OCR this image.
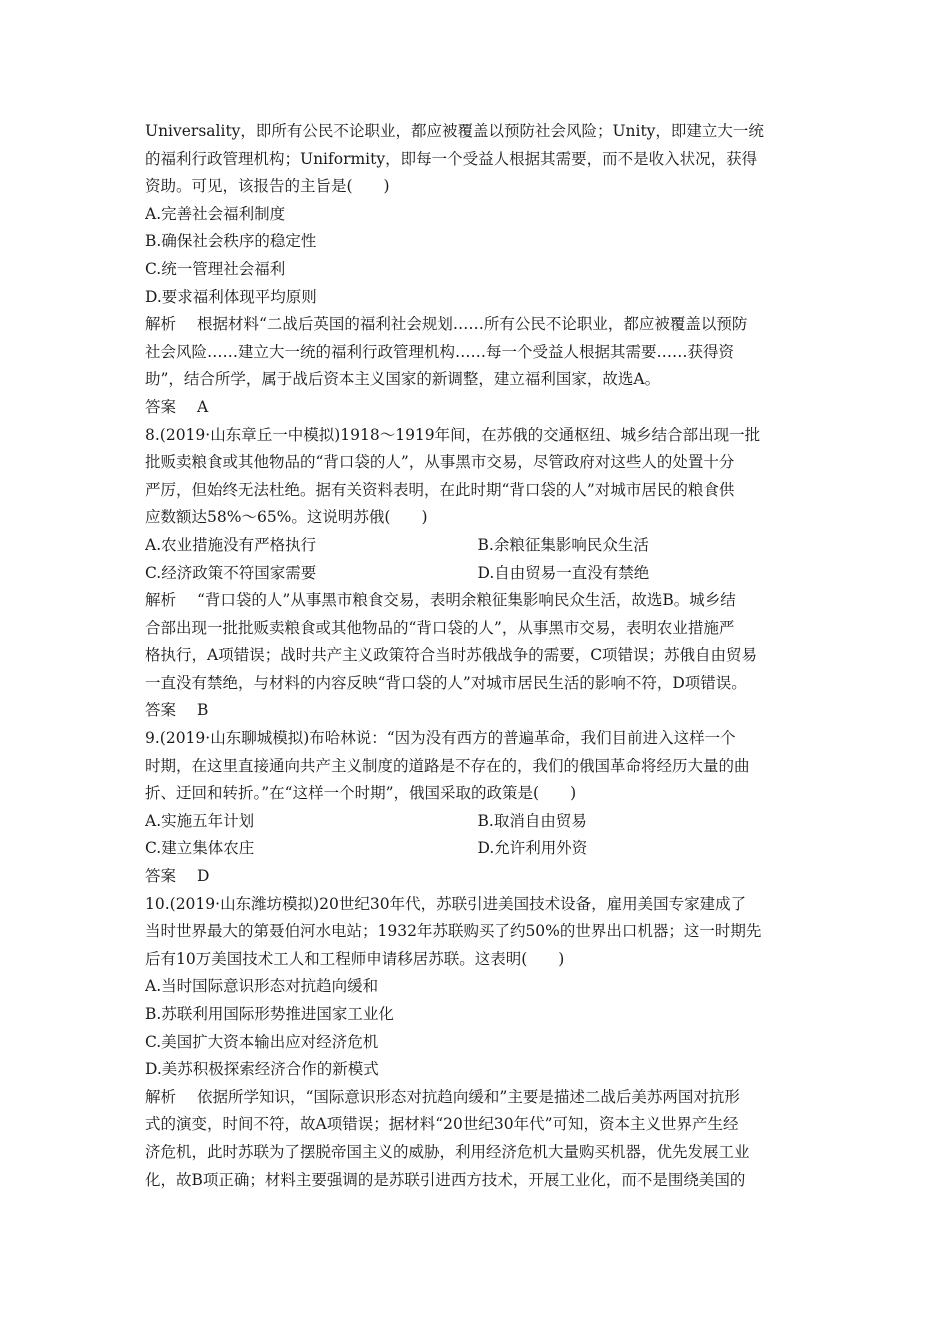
Universality，即所有公民不论职业，都应被覆盖以预防社会风险；Unity，即建立大一统
的福利行政管理机构；Uniformity，即每一个受益人根据其需要，而不是收入状况，获得
资助。可见，该报告的主旨是(　　)
A.完善社会福利制度
B.确保社会秩序的稳定性
C.统一管理社会福利
D.要求福利体现平均原则
解析 根据材料“二战后英国的福利社会规划……所有公民不论职业，都应被覆盖以预防
社会风险……建立大一统的福利行政管理机构……每一个受益人根据其需要……获得资
助”，结合所学，属于战后资本主义国家的新调整，建立福利国家，故选A。
答案 A
8.(2019·山东章丘一中模拟)1918～1919年间，在苏俄的交通枢纽、城乡结合部出现一批
批贩卖粮食或其他物品的“背口袋的人”，从事黑市交易，尽管政府对这些人的处置十分
严厉，但始终无法杜绝。据有关资料表明，在此时期“背口袋的人”对城市居民的粮食供
应数额达58%～65%。这说明苏俄(　　)
A.农业措施没有严格执行	B.余粮征集影响民众生活
C.经济政策不符国家需要	D.自由贸易一直没有禁绝
解析 “背口袋的人”从事黑市粮食交易，表明余粮征集影响民众生活，故选B。城乡结
合部出现一批批贩卖粮食或其他物品的“背口袋的人”，从事黑市交易，表明农业措施严
格执行，A项错误；战时共产主义政策符合当时苏俄战争的需要，C项错误；苏俄自由贸易
一直没有禁绝，与材料的内容反映“背口袋的人”对城市居民生活的影响不符，D项错误。
答案 B
9.(2019·山东聊城模拟)布哈林说：“因为没有西方的普遍革命，我们目前进入这样一个
时期，在这里直接通向共产主义制度的道路是不存在的，我们的俄国革命将经历大量的曲
折、迂回和转折。”在“这样一个时期”，俄国采取的政策是(　　)
A.实施五年计划	B.取消自由贸易
C.建立集体农庄	D.允许利用外资
答案 D
10.(2019·山东潍坊模拟)20世纪30年代，苏联引进美国技术设备，雇用美国专家建成了
当时世界最大的第聂伯河水电站；1932年苏联购买了约50%的世界出口机器；这一时期先
后有10万美国技术工人和工程师申请移居苏联。这表明(　　)
A.当时国际意识形态对抗趋向缓和
B.苏联利用国际形势推进国家工业化
C.美国扩大资本输出应对经济危机
D.美苏积极探索经济合作的新模式
解析 依据所学知识，“国际意识形态对抗趋向缓和”主要是描述二战后美苏两国对抗形
式的演变，时间不符，故A项错误；据材料“20世纪30年代”可知，资本主义世界产生经
济危机，此时苏联为了摆脱帝国主义的威胁，利用经济危机大量购买机器，优先发展工业
化，故B项正确；材料主要强调的是苏联引进西方技术，开展工业化，而不是围绕美国的
